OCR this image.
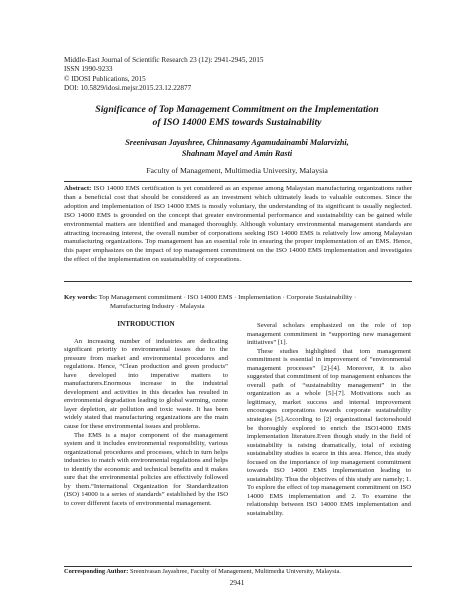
Middle-East Journal of Scientific Research 23 (12): 2941-2945, 2015
ISSN 1990-9233
© IDOSI Publications, 2015
DOI: 10.5829/idosi.mejsr.2015.23.12.22877
Significance of Top Management Commitment on the Implementation
of ISO 14000 EMS towards Sustainability
Sreenivasan Jayashree, Chinnasamy Agamudainambi Malarvizhi,
Shahnam Mayel and Amin Rasti
Faculty of Management, Multimedia University, Malaysia
Abstract: ISO 14000 EMS certification is yet considered as an expense among Malaysian manufacturing organizations rather than a beneficial cost that should be considered as an investment which ultimately leads to valuable outcomes. Since the adoption and implementation of ISO 14000 EMS is mostly voluntary, the understanding of its significant is usually neglected. ISO 14000 EMS is grounded on the concept that greater environmental performance and sustainability can be gained while environmental matters are identified and managed thoroughly. Although voluntary environmental management standards are attracting increasing interest, the overall number of corporations seeking ISO 14000 EMS is relatively low among Malaysian manufacturing organizations. Top management has an essential role in ensuring the proper implementation of an EMS. Hence, this paper emphasizes on the impact of top management commitment on the ISO 14000 EMS implementation and investigates the effect of the implementation on sustainability of corporations.
Key words: Top Management commitment · ISO 14000 EMS · Implementation · Corporate Sustainability ·
Manufacturing Industry · Malaysia
INTRODUCTION

An increasing number of industries are dedicating significant priority to environmental issues due to the pressure from market and environmental procedures and regulations. Hence, “Clean production and green products” have developed into imperative matters to manufacturers.Enormous increase in the industrial development and activities in this decades has resulted in environmental degradation leading to global warming, ozone layer depletion, air pollution and toxic waste. It has been widely stated that manufacturing organizations are the main cause for these environmental issues and problems.

The EMS is a major component of the management system and it includes environmental responsibility, various organizational procedures and processes, which in turn helps industries to match with environmental regulations and helps to identify the economic and technical benefits and it makes sure that the environmental policies are effectively followed by them.“International Organization for Standardization (ISO) 14000 is a series of standards” established by the ISO to cover different facets of environmental management.

Several scholars emphasized on the role of top management commitment in “supporting new management initiatives” [1].

These studies highlighted that tom management commitment is essential in improvement of “environmental management processes” [2]-[4]. Moreover, it is also suggested that commitment of top management enhances the overall path of “sustainability management” in the organization as a whole [5]-[7]. Motivations such as legitimacy, market success and internal improvement encourages corporations towards corporate sustainability strategies [5].According to [2] organizational factorsshould be thoroughly explored to enrich the ISO14000 EMS implementation literature.Even though study in the field of sustainability is raising dramatically, total of existing sustainability studies is scarce in this area. Hence, this study focused on the importance of top management commitment towards ISO 14000 EMS implementation leading to sustainability. Thus the objectives of this study are namely; 1. To explore the effect of top management commitment on ISO 14000 EMS implementation and 2. To examine the relationship between ISO 14000 EMS implementation and sustainability.

Corresponding Author: Sreenivasan Jayashree, Faculty of Management, Multimedia University, Malaysia.
2941
